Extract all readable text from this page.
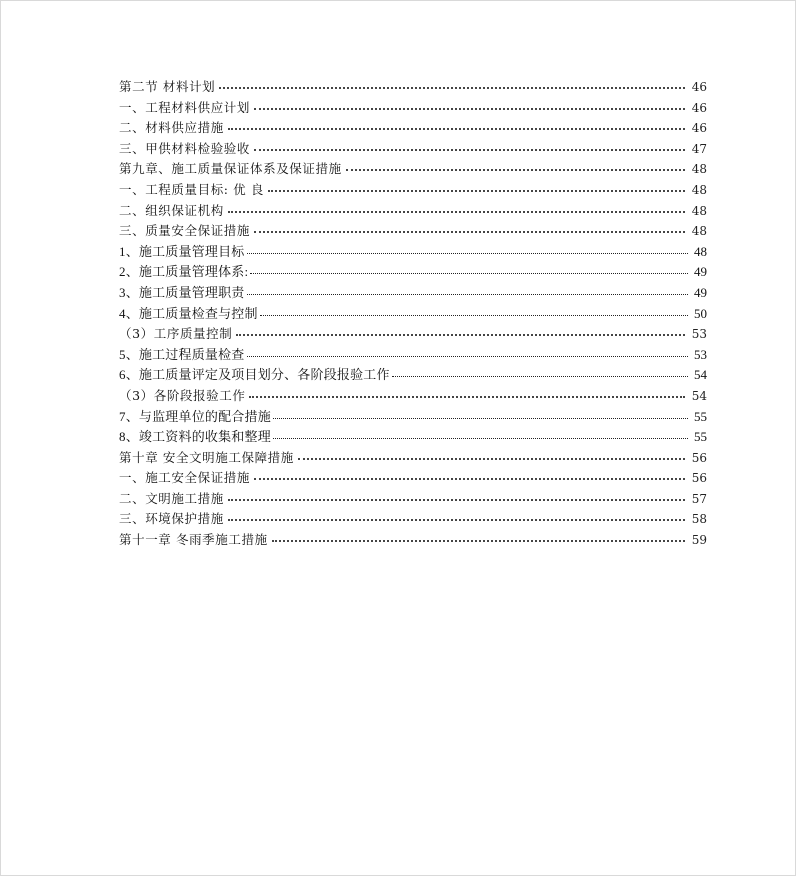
第二节 材料计划	46
一、工程材料供应计划	46
二、材料供应措施	46
三、甲供材料检验验收	47
第九章、施工质量保证体系及保证措施	48
一、工程质量目标: 优 良	48
二、组织保证机构	48
三、质量安全保证措施	48
1、施工质量管理目标	48
2、施工质量管理体系:	49
3、施工质量管理职责	49
4、施工质量检查与控制	50
（3）工序质量控制	53
5、施工过程质量检查	53
6、施工质量评定及项目划分、各阶段报验工作	54
（3）各阶段报验工作	54
7、与监理单位的配合措施	55
8、竣工资料的收集和整理	55
第十章 安全文明施工保障措施	56
一、施工安全保证措施	56
二、文明施工措施	57
三、环境保护措施	58
第十一章 冬雨季施工措施	59
